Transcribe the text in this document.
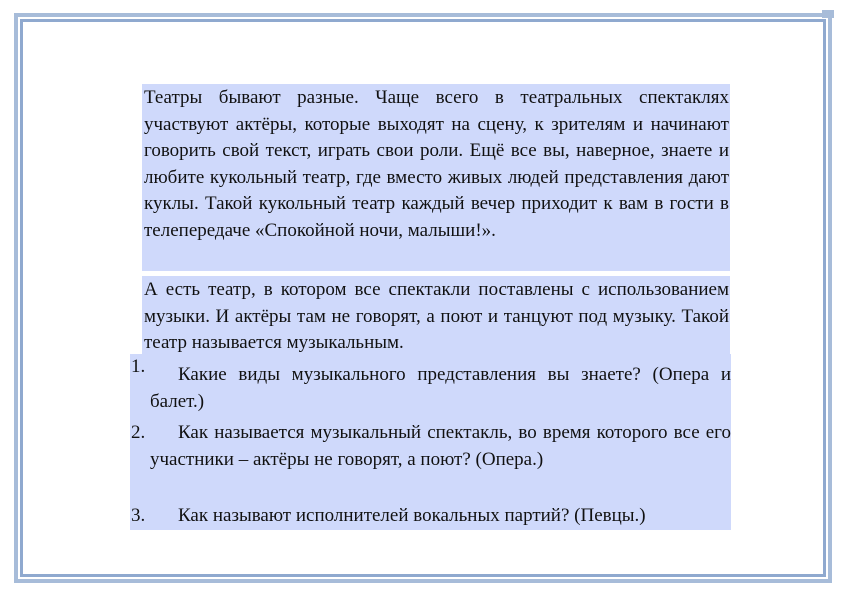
Театры бывают разные. Чаще всего в театральных спектаклях участвуют актёры, которые выходят на сцену, к зрителям и начинают говорить свой текст, играть свои роли. Ещё все вы, наверное, знаете и любите кукольный театр, где вместо живых людей представления дают куклы. Такой кукольный театр каждый вечер приходит к вам в гости в телепередаче «Спокойной ночи, малыши!».
А есть театр, в котором все спектакли поставлены с использованием музыки. И актёры там не говорят, а поют и танцуют под музыку. Такой театр называется музыкальным.
1.	Какие виды музыкального представления вы знаете? (Опера и балет.)
2.	Как называется музыкальный спектакль, во время которого все его участники – актёры не говорят, а поют? (Опера.)
3.	Как называют исполнителей вокальных партий? (Певцы.)
